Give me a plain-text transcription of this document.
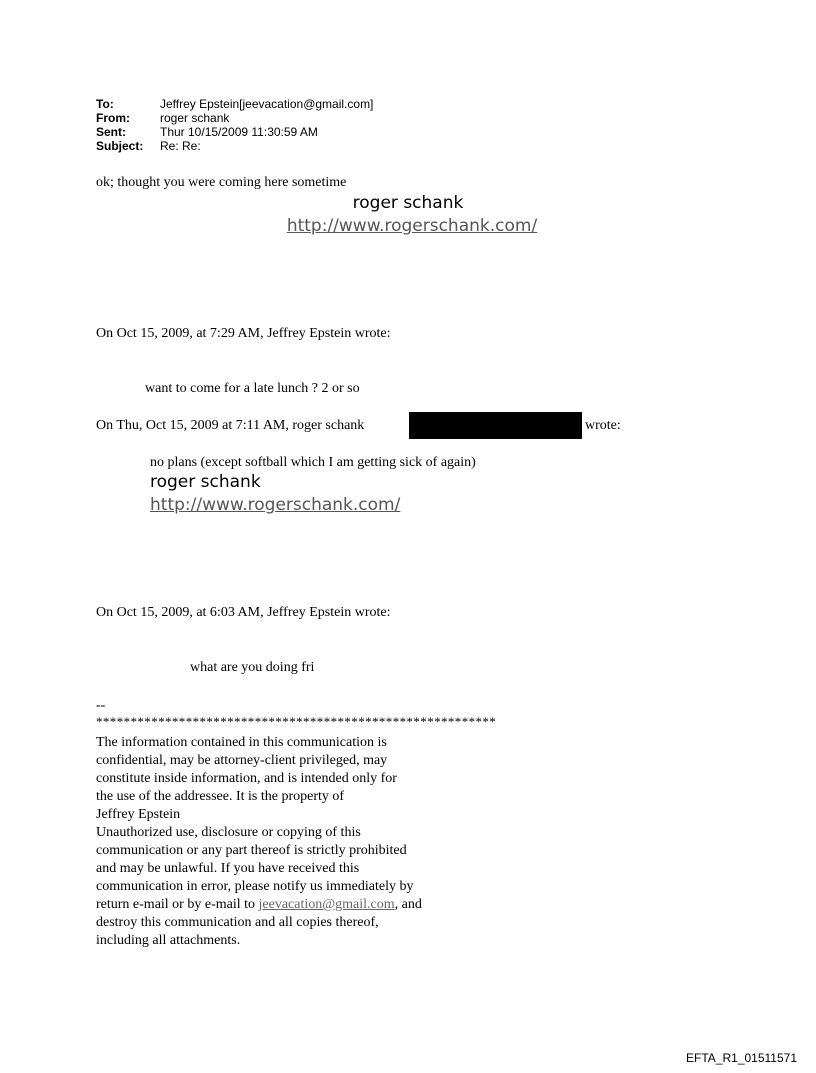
To:	Jeffrey Epstein[jeevacation@gmail.com]
From:	roger schank
Sent:	Thur 10/15/2009 11:30:59 AM
Subject: Re: Re:
ok; thought you were coming here sometime
roger schank
http://www.rogerschank.com/
On Oct 15, 2009, at 7:29 AM, Jeffrey Epstein wrote:
want to come for a late lunch ? 2 or so
On Thu, Oct 15, 2009 at 7:11 AM, roger schank	wrote:
no plans (except softball which I am getting sick of again)
roger schank
http://www.rogerschank.com/
On Oct 15, 2009, at 6:03 AM, Jeffrey Epstein wrote:
what are you doing fri
--
**********************************************************
The information contained in this communication is
confidential, may be attorney-client privileged, may
constitute inside information, and is intended only for
the use of the addressee. It is the property of
Jeffrey Epstein
Unauthorized use, disclosure or copying of this
communication or any part thereof is strictly prohibited
and may be unlawful. If you have received this
communication in error, please notify us immediately by
return e-mail or by e-mail to jeevacation@gmail.com, and
destroy this communication and all copies thereof,
including all attachments.
EFTA_R1_01511571
